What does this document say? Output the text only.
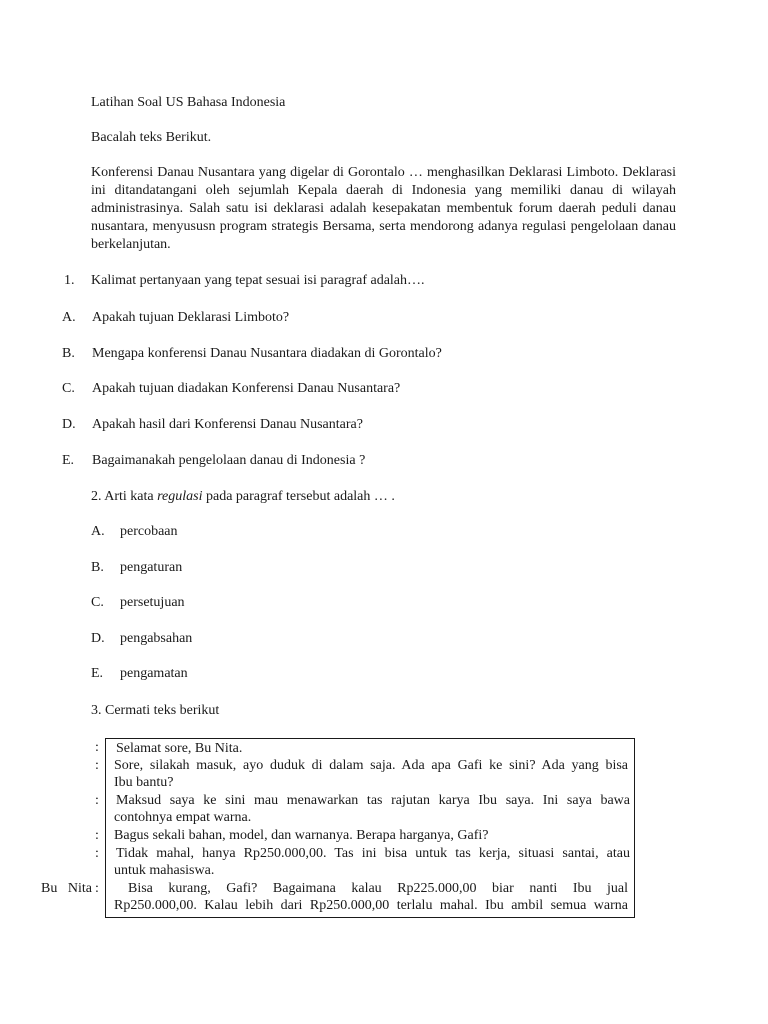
Latihan Soal US Bahasa Indonesia
Bacalah teks Berikut.
Konferensi Danau Nusantara yang digelar di Gorontalo … menghasilkan Deklarasi Limboto. Deklarasi ini ditandatangani oleh sejumlah Kepala daerah di Indonesia yang memiliki danau di wilayah administrasinya. Salah satu isi deklarasi adalah kesepakatan membentuk forum daerah peduli danau nusantara, menyususn program strategis Bersama, serta mendorong adanya regulasi pengelolaan danau berkelanjutan.
1. Kalimat pertanyaan yang tepat sesuai isi paragraf adalah….
A. Apakah tujuan Deklarasi Limboto?
B. Mengapa konferensi Danau Nusantara diadakan di Gorontalo?
C. Apakah tujuan diadakan Konferensi Danau Nusantara?
D. Apakah hasil dari Konferensi Danau Nusantara?
E. Bagaimanakah pengelolaan danau di Indonesia ?
2. Arti kata regulasi pada paragraf tersebut adalah … .
A. percobaan
B. pengaturan
C. persetujuan
D. pengabsahan
E. pengamatan
3. Cermati teks berikut
:
:
:
:
:
:
Bu   Nita
Selamat sore, Bu Nita.
Sore, silakah masuk, ayo duduk di dalam saja. Ada apa Gafi ke sini? Ada yang bisa
Ibu bantu?
Maksud saya ke sini mau menawarkan tas rajutan karya Ibu saya. Ini saya bawa
contohnya empat warna.
Bagus sekali bahan, model, dan warnanya. Berapa harganya, Gafi?
Tidak mahal, hanya Rp250.000,00. Tas ini bisa untuk tas kerja, situasi santai, atau
untuk mahasiswa.
Bisa kurang, Gafi? Bagaimana kalau Rp225.000,00 biar nanti Ibu jual
Rp250.000,00. Kalau lebih dari Rp250.000,00 terlalu mahal. Ibu ambil semua warna
